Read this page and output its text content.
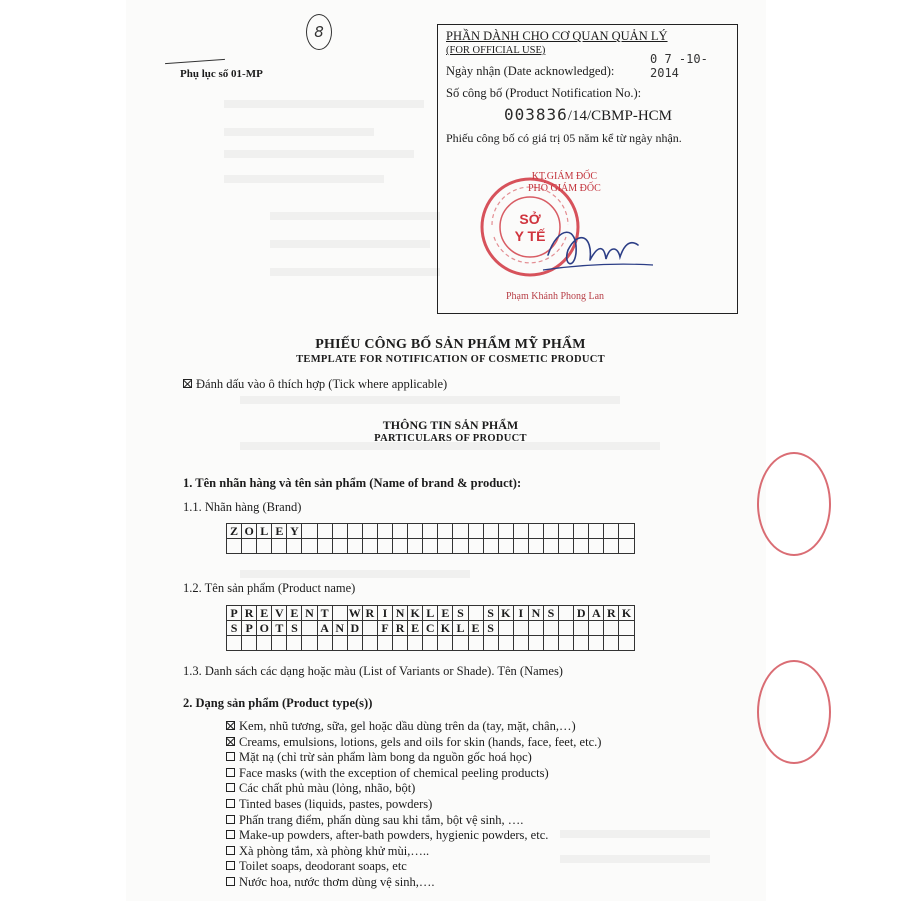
8
Phụ lục số 01-MP
PHẦN DÀNH CHO CƠ QUAN QUẢN LÝ
(FOR OFFICIAL USE)
0 7 -10- 2014
Ngày nhận (Date acknowledged):
Số công bố (Product Notification No.):
003836/14/CBMP-HCM
Phiếu công bố có giá trị 05 năm kể từ ngày nhận.
KT.GIÁM ĐỐC
PHÓ GIÁM ĐỐC
SỞ
Y TẾ
Phạm Khánh Phong Lan
PHIẾU CÔNG BỐ SẢN PHẨM MỸ PHẨM
TEMPLATE FOR NOTIFICATION OF COSMETIC PRODUCT
Đánh dấu vào ô thích hợp (Tick where applicable)
THÔNG TIN SẢN PHẨM
PARTICULARS OF PRODUCT
1. Tên nhãn hàng và tên sản phẩm (Name of brand & product):
1.1. Nhãn hàng (Brand)
Z	O	L	E	Y																						

1.2. Tên sản phẩm (Product name)
P	R	E	V	E	N	T		W	R	I	N	K	L	E	S		S	K	I	N	S		D	A	R	K
S	P	O	T	S		A	N	D		F	R	E	C	K	L	E	S									

1.3. Danh sách các dạng hoặc màu (List of Variants or Shade). Tên (Names)
2. Dạng sản phẩm (Product type(s))
Kem, nhũ tương, sữa, gel hoặc dầu dùng trên da (tay, mặt, chân,…)
Creams, emulsions, lotions, gels and oils for skin (hands, face, feet, etc.)
Mặt nạ (chỉ trừ sản phẩm làm bong da nguồn gốc hoá học)
Face masks (with the exception of chemical peeling products)
Các chất phủ màu (lỏng, nhão, bột)
Tinted bases (liquids, pastes, powders)
Phấn trang điểm, phấn dùng sau khi tắm, bột vệ sinh, ….
Make-up powders, after-bath powders, hygienic powders, etc.
Xà phòng tắm, xà phòng khử mùi,…..
Toilet soaps, deodorant soaps, etc
Nước hoa, nước thơm dùng vệ sinh,….
